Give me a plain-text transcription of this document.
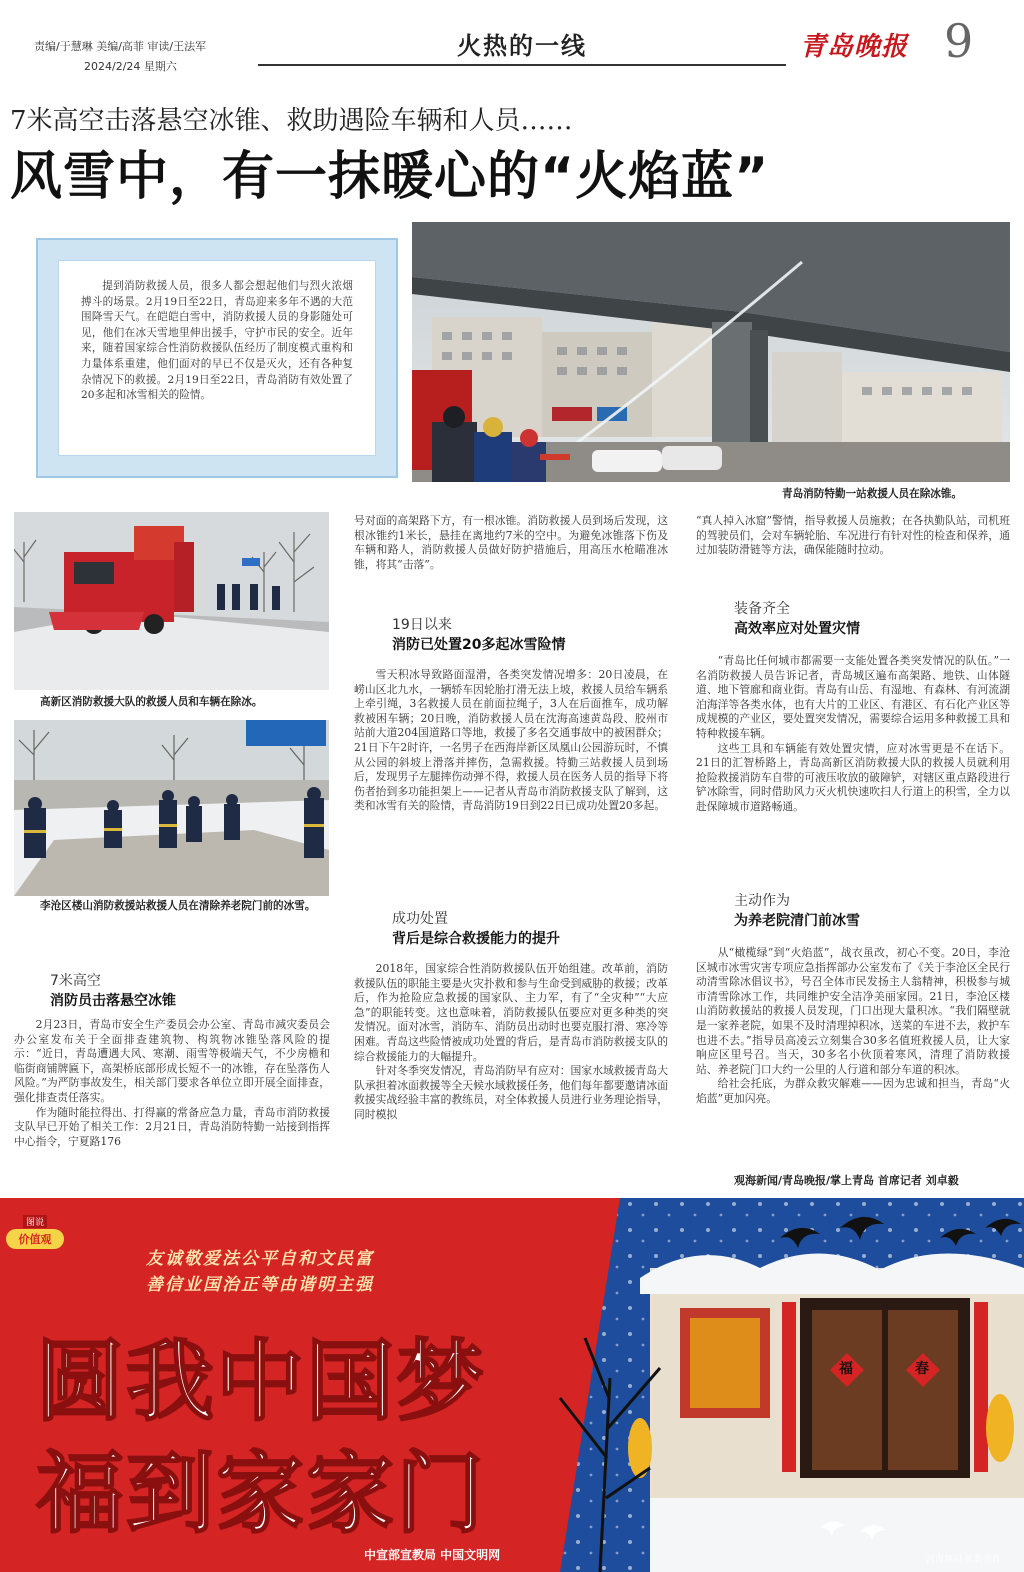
责编/于慧琳 美编/高菲 审读/王法军
2024/2/24 星期六
火热的一线	青岛晚报 9
7米高空击落悬空冰锥、救助遇险车辆和人员……
风雪中，有一抹暖心的“火焰蓝”
提到消防救援人员，很多人都会想起他们与烈火浓烟搏斗的场景。2月19日至22日，青岛迎来多年不遇的大范围降雪天气。在皑皑白雪中，消防救援人员的身影随处可见，他们在冰天雪地里伸出援手，守护市民的安全。近年来，随着国家综合性消防救援队伍经历了制度模式重构和力量体系重建，他们面对的早已不仅是灭火，还有各种复杂情况下的救援。2月19日至22日，青岛消防有效处置了20多起和冰雪相关的险情。
青岛消防特勤一站救援人员在除冰锥。
高新区消防救援大队的救援人员和车辆在除冰。
李沧区楼山消防救援站救援人员在清除养老院门前的冰雪。
7米高空
消防员击落悬空冰锥

2月23日，青岛市安全生产委员会办公室、青岛市减灾委员会办公室发布关于全面排查建筑物、构筑物冰锥坠落风险的提示：“近日，青岛遭遇大风、寒潮、雨雪等极端天气，不少房檐和临街商铺牌匾下，高架桥底部形成长短不一的冰锥，存在坠落伤人风险。”为严防事故发生，相关部门要求各单位立即开展全面排查，强化排查责任落实。

作为随时能拉得出、打得赢的常备应急力量，青岛市消防救援支队早已开始了相关工作：2月21日，青岛消防特勤一站接到指挥中心指令，宁夏路176

号对面的高架路下方，有一根冰锥。消防救援人员到场后发现，这根冰锥约1米长，悬挂在离地约7米的空中。为避免冰锥落下伤及车辆和路人，消防救援人员做好防护措施后，用高压水枪瞄准冰锥，将其“击落”。

19日以来
消防已处置20多起冰雪险情

雪天积冰导致路面湿滑，各类突发情况增多：20日凌晨，在崂山区北九水，一辆轿车因轮胎打滑无法上坡，救援人员给车辆系上牵引绳，3名救援人员在前面拉绳子，3人在后面推车，成功解救被困车辆；20日晚，消防救援人员在沈海高速黄岛段、胶州市站前大道204国道路口等地，救援了多名交通事故中的被困群众；21日下午2时许，一名男子在西海岸新区凤凰山公园游玩时，不慎从公园的斜坡上滑落并摔伤，急需救援。特勤三站救援人员到场后，发现男子左腿摔伤动弹不得，救援人员在医务人员的指导下将伤者抬到多功能担架上——记者从青岛市消防救援支队了解到，这类和冰雪有关的险情，青岛消防19日到22日已成功处置20多起。

成功处置
背后是综合救援能力的提升

2018年，国家综合性消防救援队伍开始组建。改革前，消防救援队伍的职能主要是火灾扑救和参与生命受到威胁的救援；改革后，作为抢险应急救援的国家队、主力军，有了“全灾种”“大应急”的职能转变。这也意味着，消防救援队伍要应对更多种类的突发情况。面对冰雪，消防车、消防员出动时也要克服打滑、寒冷等困难。青岛这些险情被成功处置的背后，是青岛市消防救援支队的综合救援能力的大幅提升。

针对冬季突发情况，青岛消防早有应对：国家水域救援青岛大队承担着冰面救援等全天候水域救援任务，他们每年都要邀请冰面救援实战经验丰富的教练员，对全体救援人员进行业务理论指导，同时模拟

“真人掉入冰窟”警情，指导救援人员施救；在各执勤队站，司机班的驾驶员们，会对车辆轮胎、车况进行有针对性的检查和保养，通过加装防滑链等方法，确保能随时拉动。

装备齐全
高效率应对处置灾情

“青岛比任何城市都需要一支能处置各类突发情况的队伍。”一名消防救援人员告诉记者，青岛城区遍布高架路、地铁、山体隧道、地下管廊和商业街。青岛有山岳、有湿地、有森林、有河流湖泊海洋等各类水体，也有大片的工业区、有港区、有石化产业区等成规模的产业区，要处置突发情况，需要综合运用多种救援工具和特种救援车辆。

这些工具和车辆能有效处置灾情，应对冰雪更是不在话下。21日的汇智桥路上，青岛高新区消防救援大队的救援人员就利用抢险救援消防车自带的可液压收放的破障铲，对辖区重点路段进行铲冰除雪，同时借助风力灭火机快速吹扫人行道上的积雪，全力以赴保障城市道路畅通。

主动作为
为养老院清门前冰雪

从“橄榄绿”到“火焰蓝”，战衣虽改，初心不变。20日，李沧区城市冰雪灾害专项应急指挥部办公室发布了《关于李沧区全民行动清雪除冰倡议书》，号召全体市民发扬主人翁精神，积极参与城市清雪除冰工作，共同维护安全洁净美丽家园。21日，李沧区楼山消防救援站的救援人员发现，门口出现大量积冰。“我们隔壁就是一家养老院，如果不及时清理掉积冰，送菜的车进不去，救护车也进不去。”指导员高凌云立刻集合30多名值班救援人员，让大家响应区里号召。当天，30多名小伙顶着寒风，清理了消防救援站、养老院门口大约一公里的人行道和部分车道的积冰。

给社会托底，为群众救灾解难——因为忠诚和担当，青岛“火焰蓝”更加闪亮。

观海新闻/青岛晚报/掌上青岛 首席记者 刘卓毅
图说
价值观
友诚敬爱法公平自和文民富
善信业国治正等由谐明主强
圆我中国梦
福到家家门
福	春
中宣部宣教局 中国文明网	河南舞阳 张新亮作
